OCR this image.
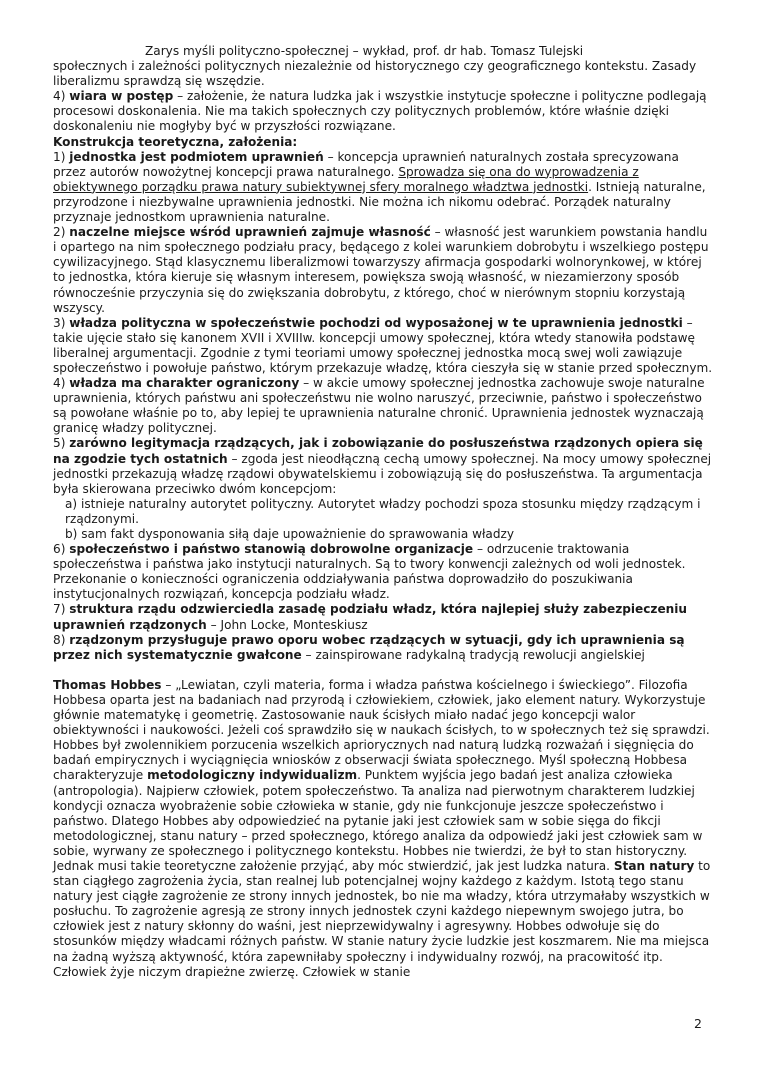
Zarys myśli polityczno-społecznej – wykład, prof. dr hab. Tomasz Tulejski

społecznych i zależności politycznych niezależnie od historycznego czy geograficznego kontekstu. Zasady liberalizmu sprawdzą się wszędzie.

4) wiara w postęp – założenie, że natura ludzka jak i wszystkie instytucje społeczne i polityczne podlegają procesowi doskonalenia. Nie ma takich społecznych czy politycznych problemów, które właśnie dzięki doskonaleniu nie mogłyby być w przyszłości rozwiązane.

Konstrukcja teoretyczna, założenia:

1) jednostka jest podmiotem uprawnień – koncepcja uprawnień naturalnych została sprecyzowana przez autorów nowożytnej koncepcji prawa naturalnego. Sprowadza się ona do wyprowadzenia z obiektywnego porządku prawa natury subiektywnej sfery moralnego władztwa jednostki. Istnieją naturalne, przyrodzone i niezbywalne uprawnienia jednostki. Nie można ich nikomu odebrać. Porządek naturalny przyznaje jednostkom uprawnienia naturalne.

2) naczelne miejsce wśród uprawnień zajmuje własność – własność jest warunkiem powstania handlu i opartego na nim społecznego podziału pracy, będącego z kolei warunkiem dobrobytu i wszelkiego postępu cywilizacyjnego. Stąd klasycznemu liberalizmowi towarzyszy afirmacja gospodarki wolnorynkowej, w której to jednostka, która kieruje się własnym interesem, powiększa swoją własność, w niezamierzony sposób równocześnie przyczynia się do zwiększania dobrobytu, z którego, choć w nierównym stopniu korzystają wszyscy.

3) władza polityczna w społeczeństwie pochodzi od wyposażonej w te uprawnienia jednostki – takie ujęcie stało się kanonem XVII i XVIIIw. koncepcji umowy społecznej, która wtedy stanowiła podstawę liberalnej argumentacji. Zgodnie z tymi teoriami umowy społecznej jednostka mocą swej woli zawiązuje społeczeństwo i powołuje państwo, którym przekazuje władzę, która cieszyła się w stanie przed społecznym.

4) władza ma charakter ograniczony – w akcie umowy społecznej jednostka zachowuje swoje naturalne uprawnienia, których państwu ani społeczeństwu nie wolno naruszyć, przeciwnie, państwo i społeczeństwo są powołane właśnie po to, aby lepiej te uprawnienia naturalne chronić. Uprawnienia jednostek wyznaczają granicę władzy politycznej.

5) zarówno legitymacja rządzących, jak i zobowiązanie do posłuszeństwa rządzonych opiera się na zgodzie tych ostatnich – zgoda jest nieodłączną cechą umowy społecznej. Na mocy umowy społecznej jednostki przekazują władzę rządowi obywatelskiemu i zobowiązują się do posłuszeństwa. Ta argumentacja była skierowana przeciwko dwóm koncepcjom:

a) istnieje naturalny autorytet polityczny. Autorytet władzy pochodzi spoza stosunku między rządzącym i rządzonymi.

b) sam fakt dysponowania siłą daje upoważnienie do sprawowania władzy

6) społeczeństwo i państwo stanowią dobrowolne organizacje – odrzucenie traktowania społeczeństwa i państwa jako instytucji naturalnych. Są to twory konwencji zależnych od woli jednostek. Przekonanie o konieczności ograniczenia oddziaływania państwa doprowadziło do poszukiwania instytucjonalnych rozwiązań, koncepcja podziału władz.

7) struktura rządu odzwierciedla zasadę podziału władz, która najlepiej służy zabezpieczeniu uprawnień rządzonych – John Locke, Monteskiusz

8) rządzonym przysługuje prawo oporu wobec rządzących w sytuacji, gdy ich uprawnienia są przez nich systematycznie gwałcone – zainspirowane radykalną tradycją rewolucji angielskiej

Thomas Hobbes – „Lewiatan, czyli materia, forma i władza państwa kościelnego i świeckiego”. Filozofia Hobbesa oparta jest na badaniach nad przyrodą i człowiekiem, człowiek, jako element natury. Wykorzystuje głównie matematykę i geometrię. Zastosowanie nauk ścisłych miało nadać jego koncepcji walor obiektywności i naukowości. Jeżeli coś sprawdziło się w naukach ścisłych, to w społecznych też się sprawdzi. Hobbes był zwolennikiem porzucenia wszelkich apriorycznych nad naturą ludzką rozważań i sięgnięcia do badań empirycznych i wyciągnięcia wniosków z obserwacji świata społecznego. Myśl społeczną Hobbesa charakteryzuje metodologiczny indywidualizm. Punktem wyjścia jego badań jest analiza człowieka (antropologia). Najpierw człowiek, potem społeczeństwo. Ta analiza nad pierwotnym charakterem ludzkiej kondycji oznacza wyobrażenie sobie człowieka w stanie, gdy nie funkcjonuje jeszcze społeczeństwo i państwo. Dlatego Hobbes aby odpowiedzieć na pytanie jaki jest człowiek sam w sobie sięga do fikcji metodologicznej, stanu natury – przed społecznego, którego analiza da odpowiedź jaki jest człowiek sam w sobie, wyrwany ze społecznego i politycznego kontekstu. Hobbes nie twierdzi, że był to stan historyczny. Jednak musi takie teoretyczne założenie przyjąć, aby móc stwierdzić, jak jest ludzka natura. Stan natury to stan ciągłego zagrożenia życia, stan realnej lub potencjalnej wojny każdego z każdym. Istotą tego stanu natury jest ciągłe zagrożenie ze strony innych jednostek, bo nie ma władzy, która utrzymałaby wszystkich w posłuchu. To zagrożenie agresją ze strony innych jednostek czyni każdego niepewnym swojego jutra, bo człowiek jest z natury skłonny do waśni, jest nieprzewidywalny i agresywny. Hobbes odwołuje się do stosunków między władcami różnych państw. W stanie natury życie ludzkie jest koszmarem. Nie ma miejsca na żadną wyższą aktywność, która zapewniłaby społeczny i indywidualny rozwój, na pracowitość itp. Człowiek żyje niczym drapieżne zwierzę. Człowiek w stanie

2
